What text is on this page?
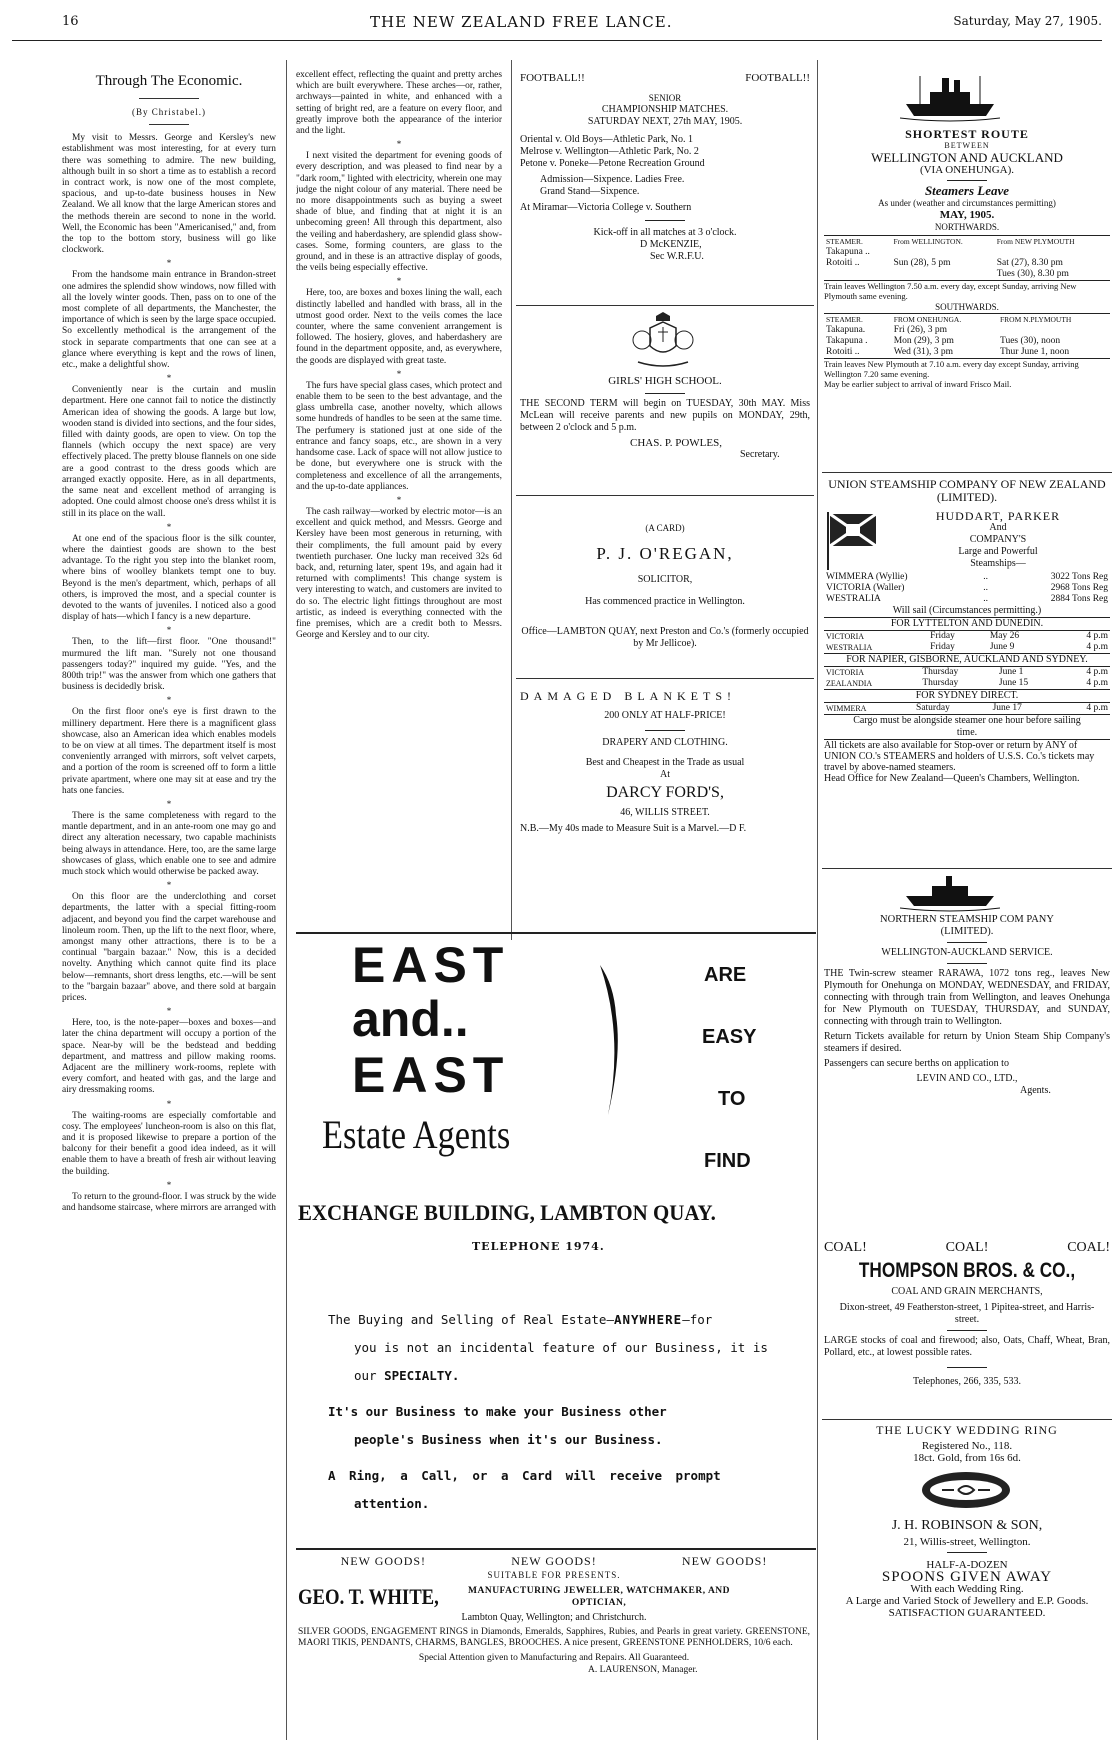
16	THE NEW ZEALAND FREE LANCE.	Saturday, May 27, 1905.
Through The Economic.
(By Christabel.)

My visit to Messrs. George and Kersley's new establishment was most interesting, for at every turn there was something to admire. The new building, although built in so short a time as to establish a record in contract work, is now one of the most complete, spacious, and up-to-date business houses in New Zealand. We all know that the large American stores and the methods therein are second to none in the world. Well, the Economic has been "Americanised," and, from the top to the bottom story, business will go like clockwork.

*

From the handsome main entrance in Brandon-street one admires the splendid show windows, now filled with all the lovely winter goods. Then, pass on to one of the most complete of all departments, the Manchester, the importance of which is seen by the large space occupied. So excellently methodical is the arrangement of the stock in separate compartments that one can see at a glance where everything is kept and the rows of linen, etc., make a delightful show.

*

Conveniently near is the curtain and muslin department. Here one cannot fail to notice the distinctly American idea of showing the goods. A large but low, wooden stand is divided into sections, and the four sides, filled with dainty goods, are open to view. On top the flannels (which occupy the next space) are very effectively placed. The pretty blouse flannels on one side are a good contrast to the dress goods which are arranged exactly opposite. Here, as in all departments, the same neat and excellent method of arranging is adopted. One could almost choose one's dress whilst it is still in its place on the wall.

*

At one end of the spacious floor is the silk counter, where the daintiest goods are shown to the best advantage. To the right you step into the blanket room, where bins of woolley blankets tempt one to buy. Beyond is the men's department, which, perhaps of all others, is improved the most, and a special counter is devoted to the wants of juveniles. I noticed also a good display of hats—which I fancy is a new departure.

*

Then, to the lift—first floor. "One thousand!" murmured the lift man. "Surely not one thousand passengers today?" inquired my guide. "Yes, and the 800th trip!" was the answer from which one gathers that business is decidedly brisk.

*

On the first floor one's eye is first drawn to the millinery department. Here there is a magnificent glass showcase, also an American idea which enables models to be on view at all times. The department itself is most conveniently arranged with mirrors, soft velvet carpets, and a portion of the room is screened off to form a little private apartment, where one may sit at ease and try the hats one fancies.

*

There is the same completeness with regard to the mantle department, and in an ante-room one may go and direct any alteration necessary, two capable machinists being always in attendance. Here, too, are the same large showcases of glass, which enable one to see and admire much stock which would otherwise be packed away.

*

On this floor are the underclothing and corset departments, the latter with a special fitting-room adjacent, and beyond you find the carpet warehouse and linoleum room. Then, up the lift to the next floor, where, amongst many other attractions, there is to be a continual "bargain bazaar." Now, this is a decided novelty. Anything which cannot quite find its place below—remnants, short dress lengths, etc.—will be sent to the "bargain bazaar" above, and there sold at bargain prices.

*

Here, too, is the note-paper—boxes and boxes—and later the china department will occupy a portion of the space. Near-by will be the bedstead and bedding department, and mattress and pillow making rooms. Adjacent are the millinery work-rooms, replete with every comfort, and heated with gas, and the large and airy dressmaking rooms.

*

The waiting-rooms are especially comfortable and cosy. The employees' luncheon-room is also on this flat, and it is proposed likewise to prepare a portion of the balcony for their benefit a good idea indeed, as it will enable them to have a breath of fresh air without leaving the building.

*

To return to the ground-floor. I was struck by the wide and handsome staircase, where mirrors are arranged with

excellent effect, reflecting the quaint and pretty arches which are built everywhere. These arches—or, rather, archways—painted in white, and enhanced with a setting of bright red, are a feature on every floor, and greatly improve both the appearance of the interior and the light.

*

I next visited the department for evening goods of every description, and was pleased to find near by a "dark room," lighted with electricity, wherein one may judge the night colour of any material. There need be no more disappointments such as buying a sweet shade of blue, and finding that at night it is an unbecoming green! All through this department, also the veiling and haberdashery, are splendid glass show-cases. Some, forming counters, are glass to the ground, and in these is an attractive display of goods, the veils being especially effective.

*

Here, too, are boxes and boxes lining the wall, each distinctly labelled and handled with brass, all in the utmost good order. Next to the veils comes the lace counter, where the same convenient arrangement is followed. The hosiery, gloves, and haberdashery are found in the department opposite, and, as everywhere, the goods are displayed with great taste.

*

The furs have special glass cases, which protect and enable them to be seen to the best advantage, and the glass umbrella case, another novelty, which allows some hundreds of handles to be seen at the same time. The perfumery is stationed just at one side of the entrance and fancy soaps, etc., are shown in a very handsome case. Lack of space will not allow justice to be done, but everywhere one is struck with the completeness and excellence of all the arrangements, and the up-to-date appliances.

*

The cash railway—worked by electric motor—is an excellent and quick method, and Messrs. George and Kersley have been most generous in returning, with their compliments, the full amount paid by every twentieth purchaser. One lucky man received 32s 6d back, and, returning later, spent 19s, and again had it returned with compliments! This change system is very interesting to watch, and customers are invited to do so. The electric light fittings throughout are most artistic, as indeed is everything connected with the fine premises, which are a credit both to Messrs. George and Kersley and to our city.

FOOTBALL!!	FOOTBALL!!
SENIOR
CHAMPIONSHIP MATCHES.
SATURDAY NEXT, 27th MAY, 1905.
Oriental v. Old Boys—Athletic Park, No. 1
Melrose v. Wellington—Athletic Park, No. 2
Petone v. Poneke—Petone Recreation Ground
Admission—Sixpence. Ladies Free.
Grand Stand—Sixpence.
At Miramar—Victoria College v. Southern
Kick-off in all matches at 3 o'clock.
D McKENZIE,
Sec W.R.F.U.
GIRLS' HIGH SCHOOL.

THE SECOND TERM will begin on TUESDAY, 30th MAY. Miss McLean will receive parents and new pupils on MONDAY, 29th, between 2 o'clock and 5 p.m.

CHAS. P. POWLES,
Secretary.
(A CARD)
P. J. O'REGAN,
SOLICITOR,
Has commenced practice in Wellington.
Office—LAMBTON QUAY, next Preston and Co.'s (formerly occupied by Mr Jellicoe).
DAMAGED BLANKETS!
200 ONLY AT HALF-PRICE!
DRAPERY AND CLOTHING.
Best and Cheapest in the Trade as usual
At
DARCY FORD'S,
46, WILLIS STREET.
N.B.—My 40s made to Measure Suit is a Marvel.—D F.
EAST
and..
EAST
Estate Agents
ARE
EASY
TO
FIND
EXCHANGE BUILDING, LAMBTON QUAY.
TELEPHONE 1974.
The Buying and Selling of Real Estate—ANYWHERE—for
you is not an incidental feature of our Business, it is
our SPECIALTY.
It's our Business to make your Business other
people's Business when it's our Business.
A Ring, a Call, or a Card will receive prompt
attention.
NEW GOODS!	NEW GOODS!	NEW GOODS!
SUITABLE FOR PRESENTS.
GEO. T. WHITE,	MANUFACTURING JEWELLER, WATCHMAKER, AND
OPTICIAN,
Lambton Quay, Wellington; and Christchurch.

SILVER GOODS, ENGAGEMENT RINGS in Diamonds, Emeralds, Sapphires, Rubies, and Pearls in great variety. GREENSTONE, MAORI TIKIS, PENDANTS, CHARMS, BANGLES, BROOCHES. A nice present, GREENSTONE PENHOLDERS, 10/6 each.

Special Attention given to Manufacturing and Repairs. All Guaranteed.
A. LAURENSON, Manager.
SHORTEST ROUTE
BETWEEN
WELLINGTON AND AUCKLAND
(VIA ONEHUNGA).
Steamers Leave
As under (weather and circumstances permitting)
MAY, 1905.
NORTHWARDS.
STEAMER.	From WELLINGTON.	From NEW PLYMOUTH
Takapuna ..		
Rotoiti ..	Sun (28), 5 pm	Sat (27), 8.30 pm
		Tues (30), 8.30 pm
Train leaves Wellington 7.50 a.m. every day, except Sunday, arriving New Plymouth same evening.
SOUTHWARDS.
STEAMER.	FROM ONEHUNGA.	FROM N.PLYMOUTH
Takapuna.	Fri (26), 3 pm	
Takapuna .	Mon (29), 3 pm	Tues (30), noon
Rotoiti ..	Wed (31), 3 pm	Thur June 1, noon
Train leaves New Plymouth at 7.10 a.m. every day except Sunday, arriving Wellington 7.20 same evening.
May be earlier subject to arrival of inward Frisco Mail.
UNION STEAMSHIP COMPANY OF NEW ZEALAND (LIMITED).
HUDDART, PARKER
And
COMPANY'S
Large and Powerful
Steamships—
WIMMERA (Wyllie)	..	3022 Tons Reg
VICTORIA (Waller)	..	2968 Tons Reg
WESTRALIA	..	2884 Tons Reg
Will sail (Circumstances permitting.)
FOR LYTTELTON AND DUNEDIN.
VICTORIA	Friday	May 26	4 p.m
WESTRALIA	Friday	June 9	4 p.m
FOR NAPIER, GISBORNE, AUCKLAND AND SYDNEY.
VICTORIA	Thursday	June 1	4 p.m
ZEALANDIA	Thursday	June 15	4 p.m
FOR SYDNEY DIRECT.
WIMMERA	Saturday	June 17	4 p.m
Cargo must be alongside steamer one hour before sailing time.
All tickets are also available for Stop-over or return by ANY of UNION CO.'s STEAMERS and holders of U.S.S. Co.'s tickets may travel by above-named steamers.
Head Office for New Zealand—Queen's Chambers, Wellington.
NORTHERN STEAMSHIP COM PANY (LIMITED).
WELLINGTON-AUCKLAND SERVICE.

THE Twin-screw steamer RARAWA, 1072 tons reg., leaves New Plymouth for Onehunga on MONDAY, WEDNESDAY, and FRIDAY, connecting with through train from Wellington, and leaves Onehunga for New Plymouth on TUESDAY, THURSDAY, and SUNDAY, connecting with through train to Wellington.

Return Tickets available for return by Union Steam Ship Company's steamers if desired.

Passengers can secure berths on application to

LEVIN AND CO., LTD.,
Agents.
COAL!	COAL!	COAL!
THOMPSON BROS. & CO.,
COAL AND GRAIN MERCHANTS,
Dixon-street, 49 Featherston-street, 1 Pipitea-street, and Harris-street.

LARGE stocks of coal and firewood; also, Oats, Chaff, Wheat, Bran, Pollard, etc., at lowest possible rates.

Telephones, 266, 335, 533.
THE LUCKY WEDDING RING
Registered No., 118.
18ct. Gold, from 16s 6d.
J. H. ROBINSON & SON,
21, Willis-street, Wellington.
HALF-A-DOZEN
SPOONS GIVEN AWAY
With each Wedding Ring.
A Large and Varied Stock of Jewellery and E.P. Goods.
SATISFACTION GUARANTEED.
